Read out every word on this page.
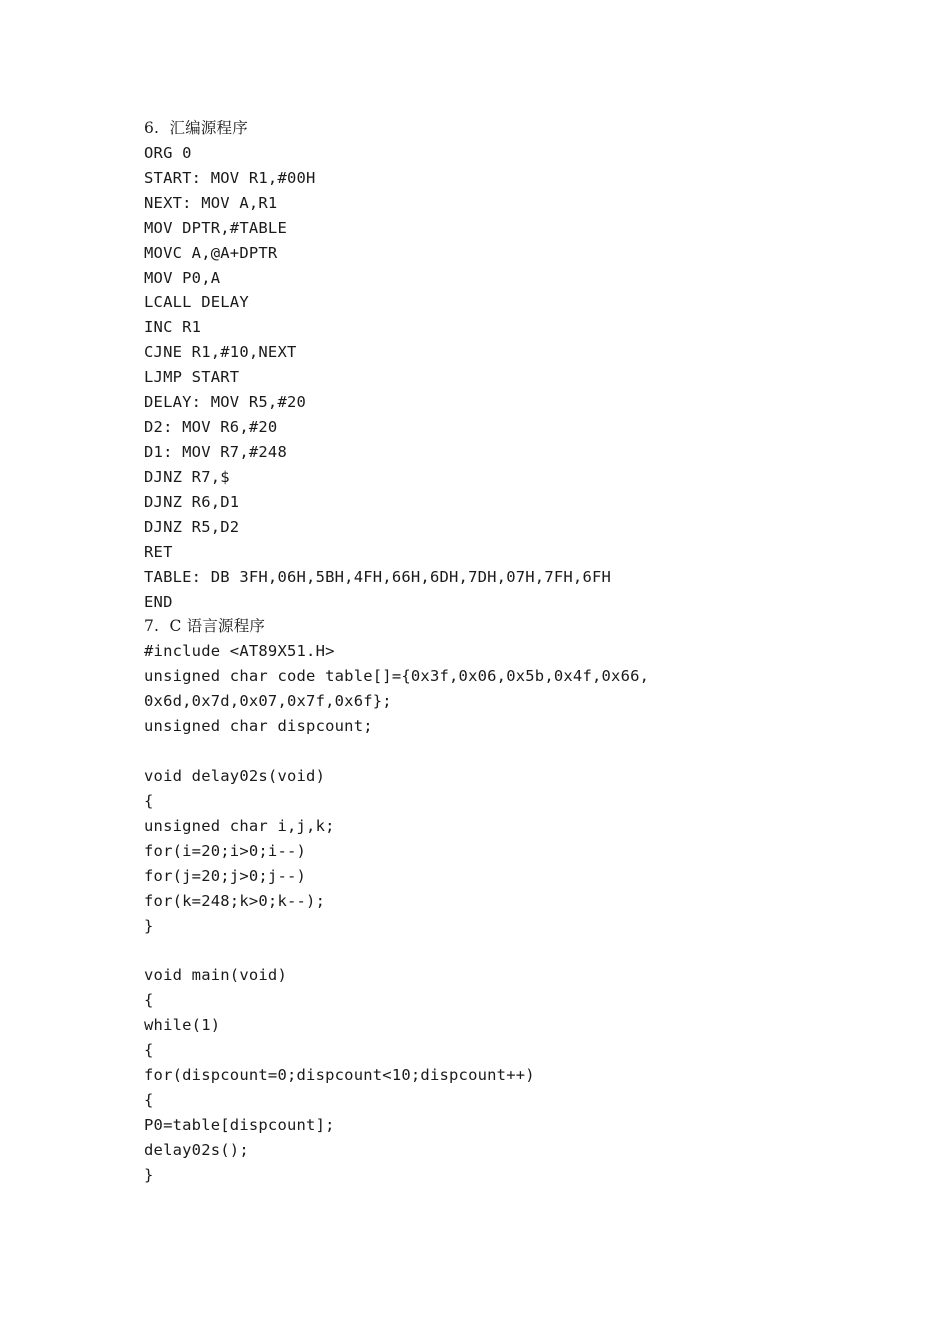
6.  汇编源程序
ORG 0
START: MOV R1,#00H
NEXT: MOV A,R1
MOV DPTR,#TABLE
MOVC A,@A+DPTR
MOV P0,A
LCALL DELAY
INC R1
CJNE R1,#10,NEXT
LJMP START
DELAY: MOV R5,#20
D2: MOV R6,#20
D1: MOV R7,#248
DJNZ R7,$
DJNZ R6,D1
DJNZ R5,D2
RET
TABLE: DB 3FH,06H,5BH,4FH,66H,6DH,7DH,07H,7FH,6FH
END
7.  C 语言源程序
#include <AT89X51.H>
unsigned char code table[]={0x3f,0x06,0x5b,0x4f,0x66,
0x6d,0x7d,0x07,0x7f,0x6f};
unsigned char dispcount;
void delay02s(void)
{
unsigned char i,j,k;
for(i=20;i>0;i--)
for(j=20;j>0;j--)
for(k=248;k>0;k--);
}
void main(void)
{
while(1)
{
for(dispcount=0;dispcount<10;dispcount++)
{
P0=table[dispcount];
delay02s();
}
